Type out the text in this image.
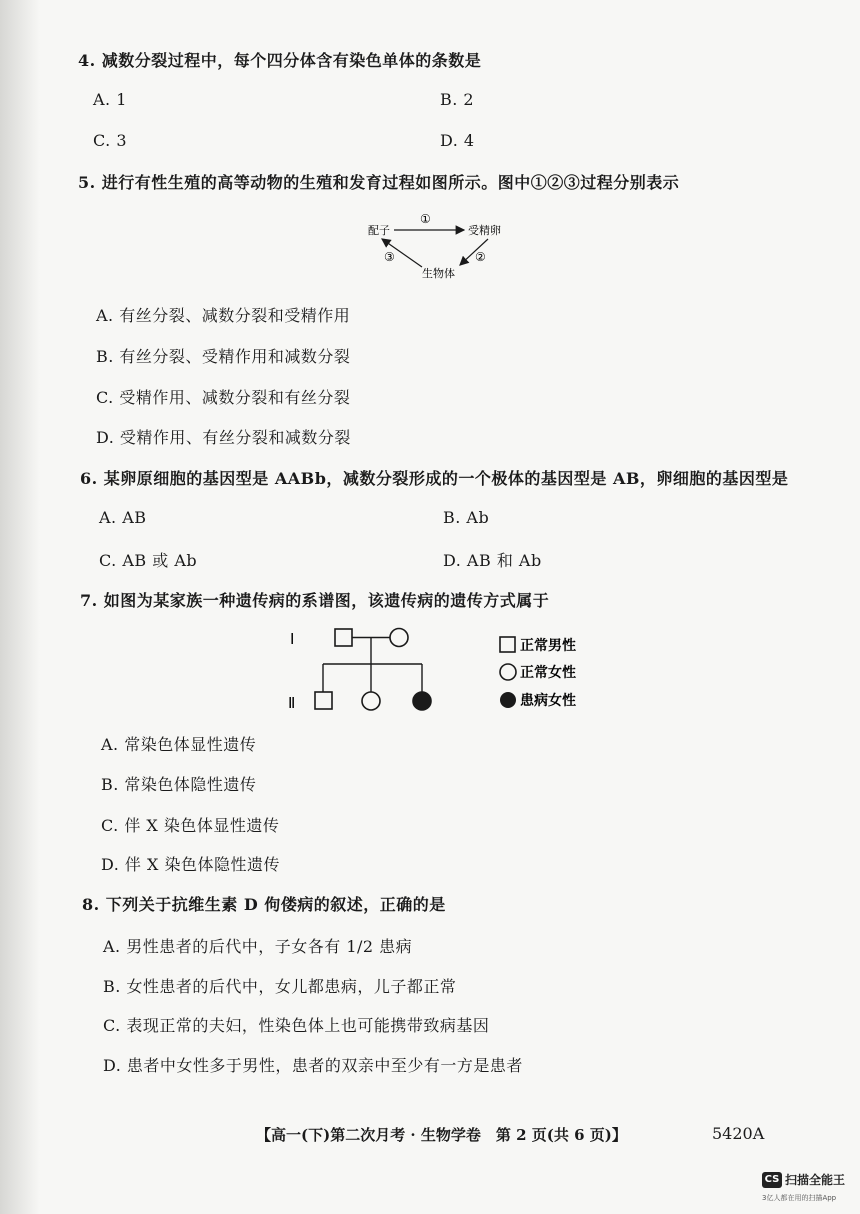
4. 减数分裂过程中，每个四分体含有染色单体的条数是
A. 1	B. 2
C. 3	D. 4
5. 进行有性生殖的高等动物的生殖和发育过程如图所示。图中①②③过程分别表示
配子	受精卵
生物体
①
②
③
A. 有丝分裂、减数分裂和受精作用
B. 有丝分裂、受精作用和减数分裂
C. 受精作用、减数分裂和有丝分裂
D. 受精作用、有丝分裂和减数分裂
6. 某卵原细胞的基因型是 AABb，减数分裂形成的一个极体的基因型是 AB，卵细胞的基因型是
A. AB	B. Ab
C. AB 或 Ab	D. AB 和 Ab
7. 如图为某家族一种遗传病的系谱图，该遗传病的遗传方式属于
I
Ⅱ
正常男性
正常女性
患病女性
A. 常染色体显性遗传
B. 常染色体隐性遗传
C. 伴 X 染色体显性遗传
D. 伴 X 染色体隐性遗传
8. 下列关于抗维生素 D 佝偻病的叙述，正确的是
A. 男性患者的后代中，子女各有 1/2 患病
B. 女性患者的后代中，女儿都患病，儿子都正常
C. 表现正常的夫妇，性染色体上也可能携带致病基因
D. 患者中女性多于男性，患者的双亲中至少有一方是患者
【高一(下)第二次月考 · 生物学卷　第 2 页(共 6 页)】	5420A
CS 扫描全能王
3亿人都在用的扫描App
